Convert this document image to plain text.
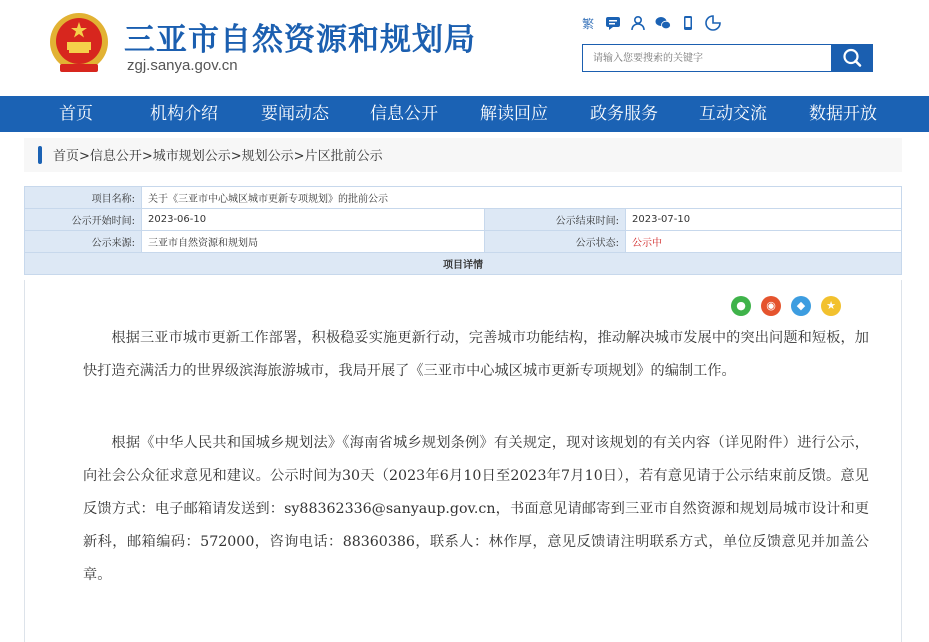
三亚市自然资源和规划局
zgj.sanya.gov.cn
繁
请输入您要搜索的关键字
首页	机构介绍	要闻动态 信息公开 解读回应 政务服务 互动交流 数据开放
首页>信息公开>城市规划公示>规划公示>片区批前公示
项目名称:	关于《三亚市中心城区城市更新专项规划》的批前公示		
公示开始时间:	2023-06-10	公示结束时间:	2023-07-10
公示来源:	三亚市自然资源和规划局	公示状态:	公示中
项目详情			
●	◉	◆	★

根据三亚市城市更新工作部署，积极稳妥实施更新行动，完善城市功能结构，推动解决城市发展中的突出问题和短板，加快打造充满活力的世界级滨海旅游城市，我局开展了《三亚市中心城区城市更新专项规划》的编制工作。

根据《中华人民共和国城乡规划法》《海南省城乡规划条例》有关规定，现对该规划的有关内容（详见附件）进行公示，向社会公众征求意见和建议。公示时间为30天（2023年6月10日至2023年7月10日），若有意见请于公示结束前反馈。意见反馈方式：电子邮箱请发送到：sy88362336@sanyaup.gov.cn，书面意见请邮寄到三亚市自然资源和规划局城市设计和更新科，邮箱编码：572000，咨询电话：88360386，联系人：林作厚，意见反馈请注明联系方式，单位反馈意见并加盖公章。
